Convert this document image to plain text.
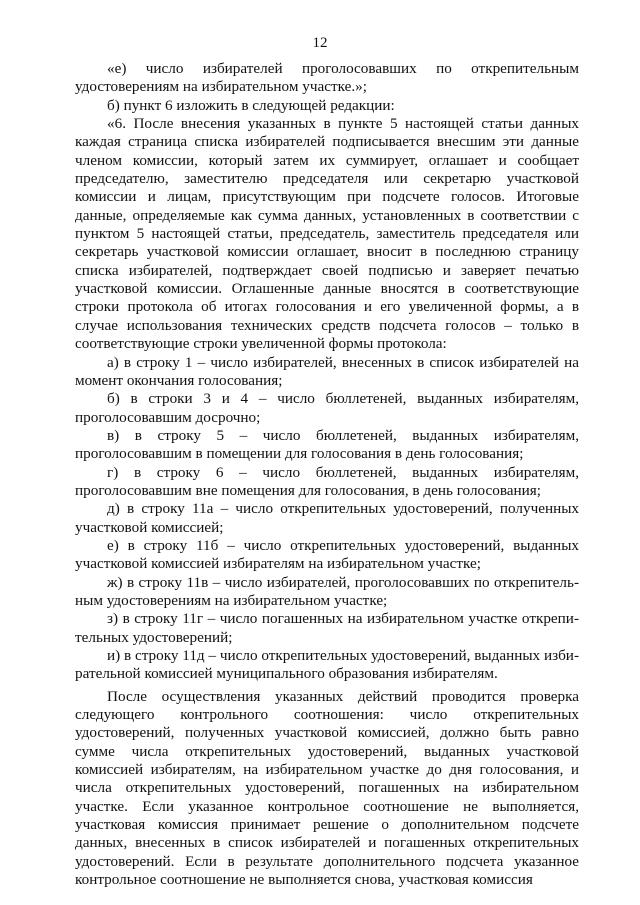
12

«е) число избирателей проголосовавших по открепительным удостоверениям на избирательном участке.»;

б) пункт 6 изложить в следующей редакции:

«6. После внесения указанных в пункте 5 настоящей статьи данных каждая страница списка избирателей подписывается внесшим эти данные членом комиссии, который затем их суммирует, оглашает и сообщает председателю, заместителю председателя или секретарю участковой комиссии и лицам, присутствующим при подсчете голосов. Итоговые данные, определяемые как сумма данных, установленных в соответствии с пунктом 5 настоящей статьи, председатель, заместитель председателя или секретарь участковой комиссии оглашает, вносит в последнюю страницу списка избирателей, подтверждает своей подписью и заверяет печатью участковой комиссии. Оглашенные данные вносятся в соответствующие строки протокола об итогах голосования и его увеличенной формы, а в случае использования технических средств подсчета голосов – только в соответствующие строки увеличенной формы протокола:

а) в строку 1 – число избирателей, внесенных в список избирателей на момент окончания голосования;

б) в строки 3 и 4 – число бюллетеней, выданных избирателям, проголосовавшим досрочно;

в) в строку 5 – число бюллетеней, выданных избирателям, проголосовавшим в помещении для голосования в день голосования;

г) в строку 6 – число бюллетеней, выданных избирателям, проголосовавшим вне помещения для голосования, в день голосования;

д) в строку 11а – число открепительных удостоверений, полученных участковой комиссией;

е) в строку 11б – число открепительных удостоверений, выданных участковой комиссией избирателям на избирательном участке;

ж) в строку 11в – число избирателей, проголосовавших по открепительным удостоверениям на избирательном участке;

з) в строку 11г – число погашенных на избирательном участке открепительных удостоверений;

и) в строку 11д – число открепительных удостоверений, выданных избирательной комиссией муниципального образования избирателям.

После осуществления указанных действий проводится проверка следующего контрольного соотношения: число открепительных удостоверений, полученных участковой комиссией, должно быть равно сумме числа открепительных удостоверений, выданных участковой комиссией избирателям, на избирательном участке до дня голосования, и числа открепительных удостоверений, погашенных на избирательном участке. Если указанное контрольное соотношение не выполняется, участковая комиссия принимает решение о дополнительном подсчете данных, внесенных в список избирателей и погашенных открепительных удостоверений. Если в результате дополнительного подсчета указанное контрольное соотношение не выполняется снова, участковая комиссия
